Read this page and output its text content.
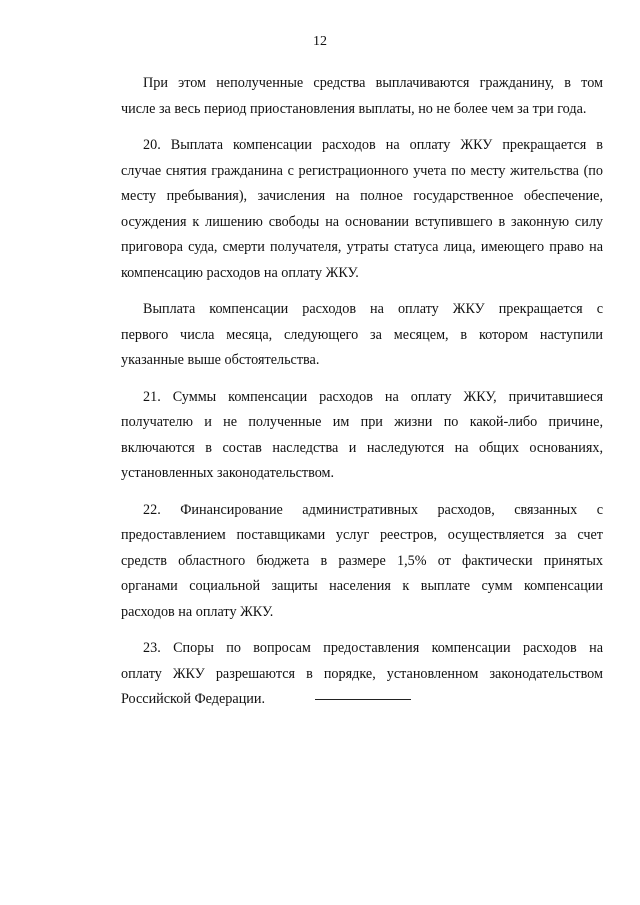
12

При этом неполученные средства выплачиваются гражданину, в том
числе за весь период приостановления выплаты, но не более чем за три года.

20. Выплата компенсации расходов на оплату ЖКУ прекращается в
случае снятия гражданина с регистрационного учета по месту жительства (по
месту пребывания), зачисления на полное государственное обеспечение,
осуждения к лишению свободы на основании вступившего в законную силу
приговора суда, смерти получателя, утраты статуса лица, имеющего право на
компенсацию расходов на оплату ЖКУ.

Выплата компенсации расходов на оплату ЖКУ прекращается с
первого числа месяца, следующего за месяцем, в котором наступили
указанные выше обстоятельства.

21. Суммы компенсации расходов на оплату ЖКУ, причитавшиеся
получателю и не полученные им при жизни по какой-либо причине,
включаются в состав наследства и наследуются на общих основаниях,
установленных законодательством.

22. Финансирование административных расходов, связанных с
предоставлением поставщиками услуг реестров, осуществляется за счет
средств областного бюджета в размере 1,5% от фактически принятых
органами социальной защиты населения к выплате сумм компенсации
расходов на оплату ЖКУ.

23. Споры по вопросам предоставления компенсации расходов на
оплату ЖКУ разрешаются в порядке, установленном законодательством
Российской Федерации.
